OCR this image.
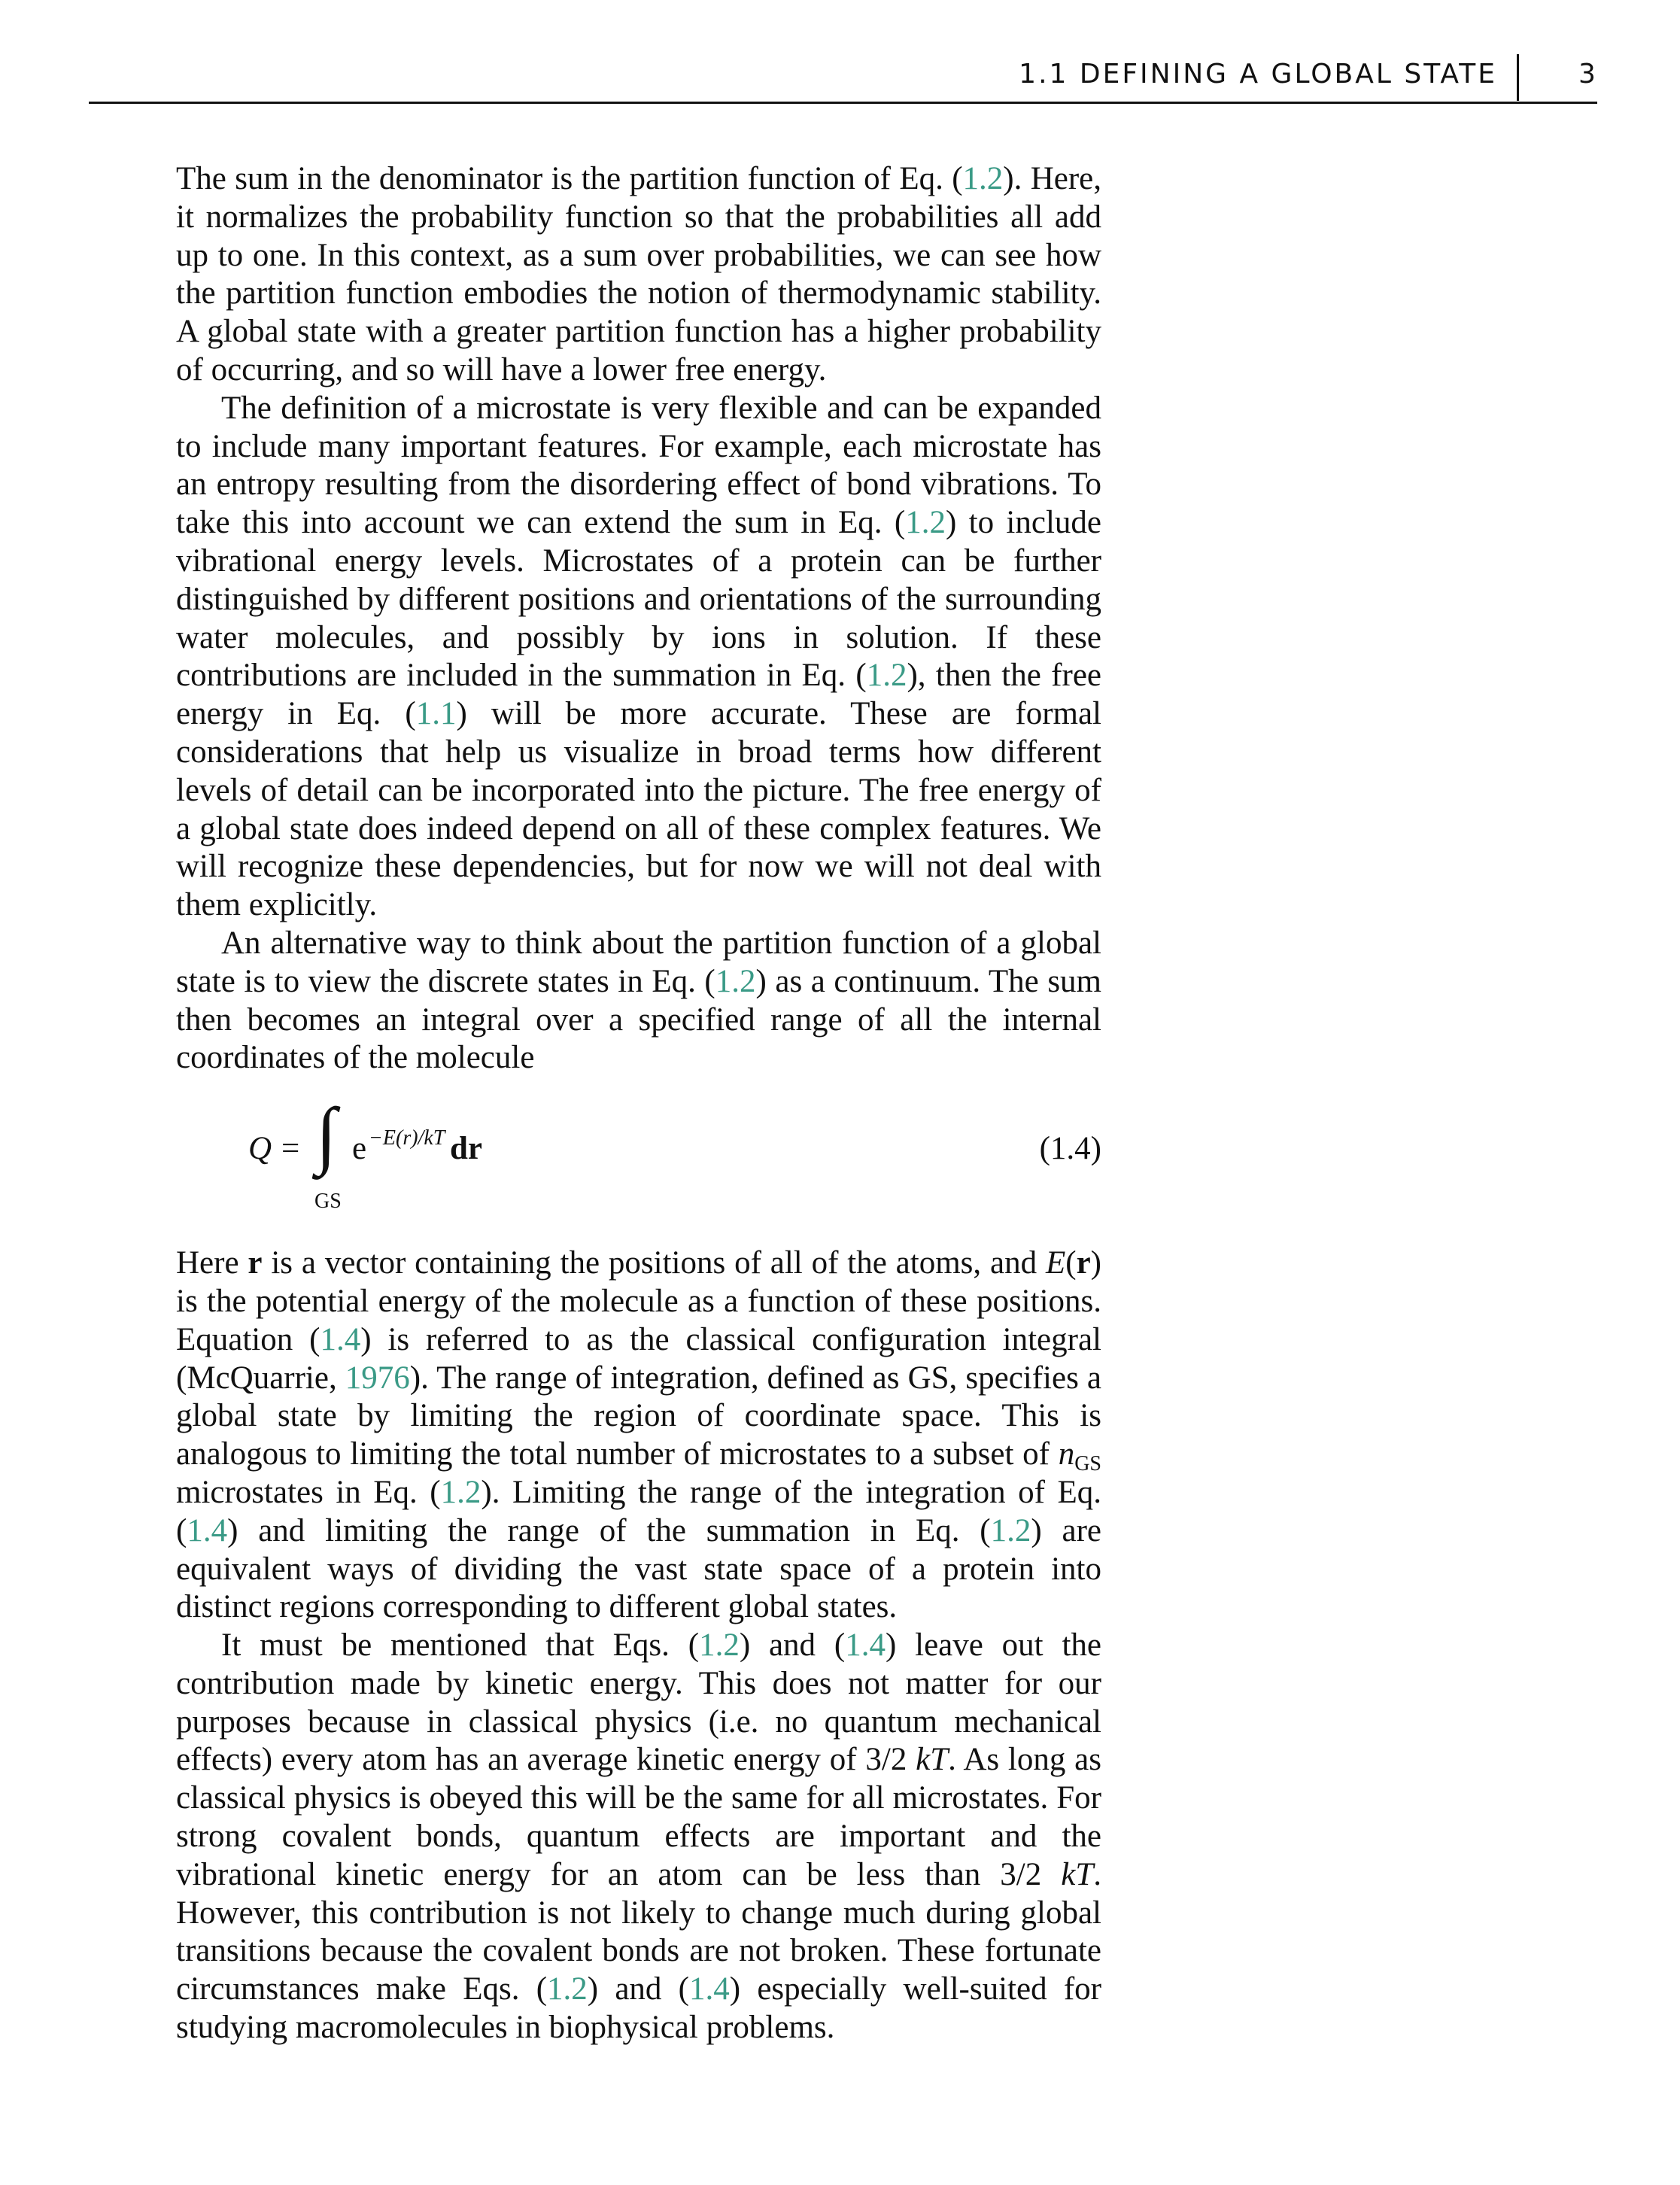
1.1 DEFINING A GLOBAL STATE	3

The sum in the denominator is the partition function of Eq. (1.2). Here, it normalizes the probability function so that the probabilities all add up to one. In this context, as a sum over probabilities, we can see how the partition function embodies the notion of thermodynamic stability. A global state with a greater partition function has a higher probability of occurring, and so will have a lower free energy.

The definition of a microstate is very flexible and can be expanded to include many important features. For example, each microstate has an entropy resulting from the disordering effect of bond vibrations. To take this into account we can extend the sum in Eq. (1.2) to include vibrational energy levels. Microstates of a protein can be further distinguished by different positions and orientations of the surrounding water molecules, and possibly by ions in solution. If these contributions are included in the summation in Eq. (1.2), then the free energy in Eq. (1.1) will be more accurate. These are formal considerations that help us visualize in broad terms how different levels of detail can be incorporated into the picture. The free energy of a global state does indeed depend on all of these complex features. We will recognize these dependencies, but for now we will not deal with them explicitly.

An alternative way to think about the partition function of a global state is to view the discrete states in Eq. (1.2) as a continuum. The sum then becomes an integral over a specified range of all the internal coordinates of the molecule

Q = ∫
GS
e −E(r)/kT dr	(1.4)

Here r is a vector containing the positions of all of the atoms, and E(r) is the potential energy of the molecule as a function of these positions. Equation (1.4) is referred to as the classical configuration integral (McQuarrie, 1976). The range of integration, defined as GS, specifies a global state by limiting the region of coordinate space. This is analogous to limiting the total number of microstates to a subset of $n_{GS}$ microstates in Eq. (1.2). Limiting the range of the integration of Eq. (1.4) and limiting the range of the summation in Eq. (1.2) are equivalent ways of dividing the vast state space of a protein into distinct regions corresponding to different global states.

It must be mentioned that Eqs. (1.2) and (1.4) leave out the contribution made by kinetic energy. This does not matter for our purposes because in classical physics (i.e. no quantum mechanical effects) every atom has an average kinetic energy of 3/2 kT. As long as classical physics is obeyed this will be the same for all microstates. For strong covalent bonds, quantum effects are important and the vibrational kinetic energy for an atom can be less than 3/2 kT. However, this contribution is not likely to change much during global transitions because the covalent bonds are not broken. These fortunate circumstances make Eqs. (1.2) and (1.4) especially well-suited for studying macromolecules in biophysical problems.
